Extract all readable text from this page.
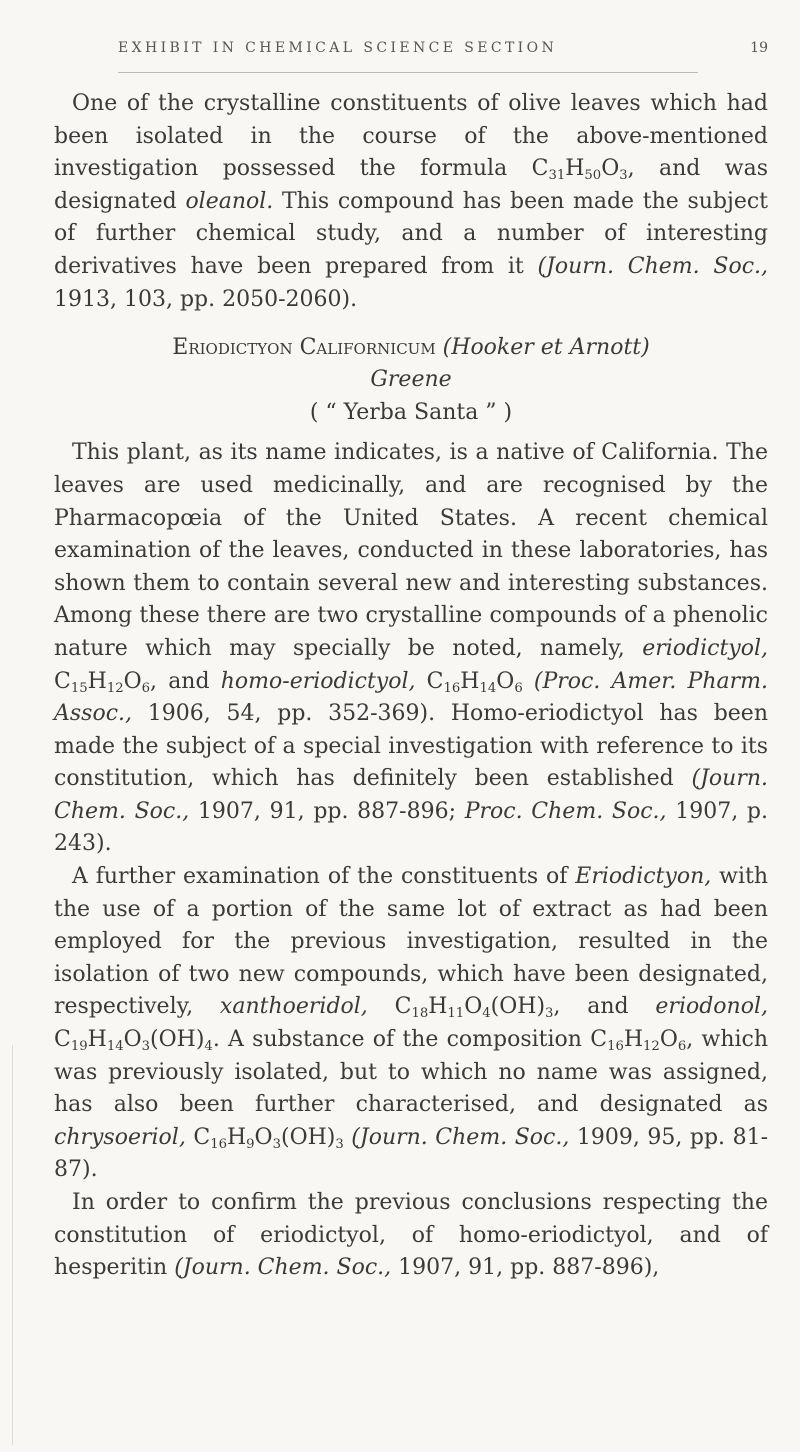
EXHIBIT IN CHEMICAL SCIENCE SECTION	19

One of the crystalline constituents of olive leaves which had been isolated in the course of the above-mentioned investigation possessed the formula $C_{31}H_{50}O_3$, and was designated oleanol. This compound has been made the subject of further chemical study, and a number of interesting derivatives have been prepared from it (Journ. Chem. Soc., 1913, 103, pp. 2050-2060).

Eriodictyon Californicum (Hooker et Arnott)
Greene
( “ Yerba Santa ” )

This plant, as its name indicates, is a native of California. The leaves are used medicinally, and are recognised by the Pharmacopœia of the United States. A recent chemical examination of the leaves, conducted in these laboratories, has shown them to contain several new and interesting substances. Among these there are two crystalline compounds of a phenolic nature which may specially be noted, namely, eriodictyol, $C_{15}H_{12}O_6$, and homo-eriodictyol, $C_{16}H_{14}O_6$ (Proc. Amer. Pharm. Assoc., 1906, 54, pp. 352-369). Homo-eriodictyol has been made the subject of a special investigation with reference to its constitution, which has definitely been established (Journ. Chem. Soc., 1907, 91, pp. 887-896; Proc. Chem. Soc., 1907, p. 243).

A further examination of the constituents of Eriodictyon, with the use of a portion of the same lot of extract as had been employed for the previous investigation, resulted in the isolation of two new compounds, which have been designated, respectively, xanthoeridol, $C_{18}H_{11}O_4(OH)_3$, and eriodonol, $C_{19}H_{14}O_3(OH)_4$. A substance of the composition $C_{16}H_{12}O_6$, which was previously isolated, but to which no name was assigned, has also been further characterised, and designated as chrysoeriol, $C_{16}H_9O_3(OH)_3$ (Journ. Chem. Soc., 1909, 95, pp. 81-87).

In order to confirm the previous conclusions respecting the constitution of eriodictyol, of homo-eriodictyol, and of hesperitin (Journ. Chem. Soc., 1907, 91, pp. 887-896),
